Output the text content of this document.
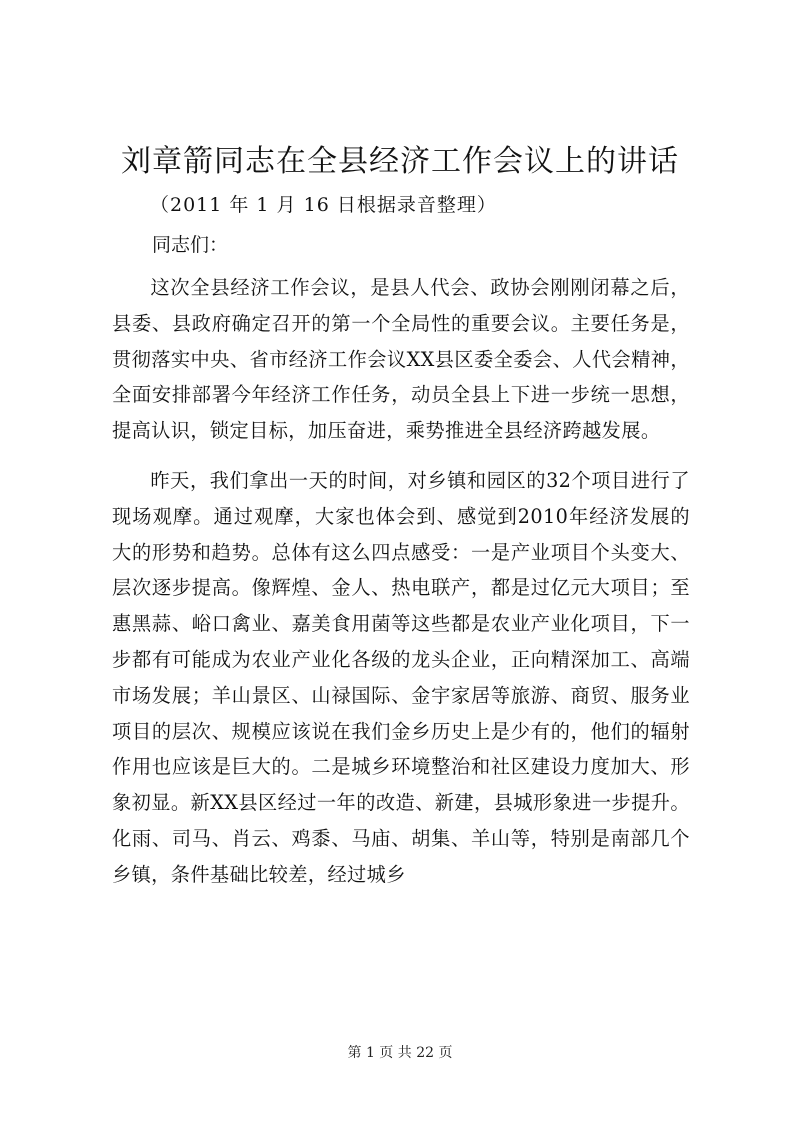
刘章箭同志在全县经济工作会议上的讲话

（2011 年 1 月 16 日根据录音整理）

同志们：

这次全县经济工作会议，是县人代会、政协会刚刚闭幕之后，县委、县政府确定召开的第一个全局性的重要会议。主要任务是，贯彻落实中央、省市经济工作会议XX县区委全委会、人代会精神，全面安排部署今年经济工作任务，动员全县上下进一步统一思想，提高认识，锁定目标，加压奋进，乘势推进全县经济跨越发展。

昨天，我们拿出一天的时间，对乡镇和园区的32个项目进行了现场观摩。通过观摩，大家也体会到、感觉到2010年经济发展的大的形势和趋势。总体有这么四点感受：一是产业项目个头变大、层次逐步提高。像辉煌、金人、热电联产，都是过亿元大项目；至惠黑蒜、峪口禽业、嘉美食用菌等这些都是农业产业化项目，下一步都有可能成为农业产业化各级的龙头企业，正向精深加工、高端市场发展；羊山景区、山禄国际、金宇家居等旅游、商贸、服务业项目的层次、规模应该说在我们金乡历史上是少有的，他们的辐射作用也应该是巨大的。二是城乡环境整治和社区建设力度加大、形象初显。新XX县区经过一年的改造、新建，县城形象进一步提升。化雨、司马、肖云、鸡黍、马庙、胡集、羊山等，特别是南部几个乡镇，条件基础比较差，经过城乡

第 1 页 共 22 页
